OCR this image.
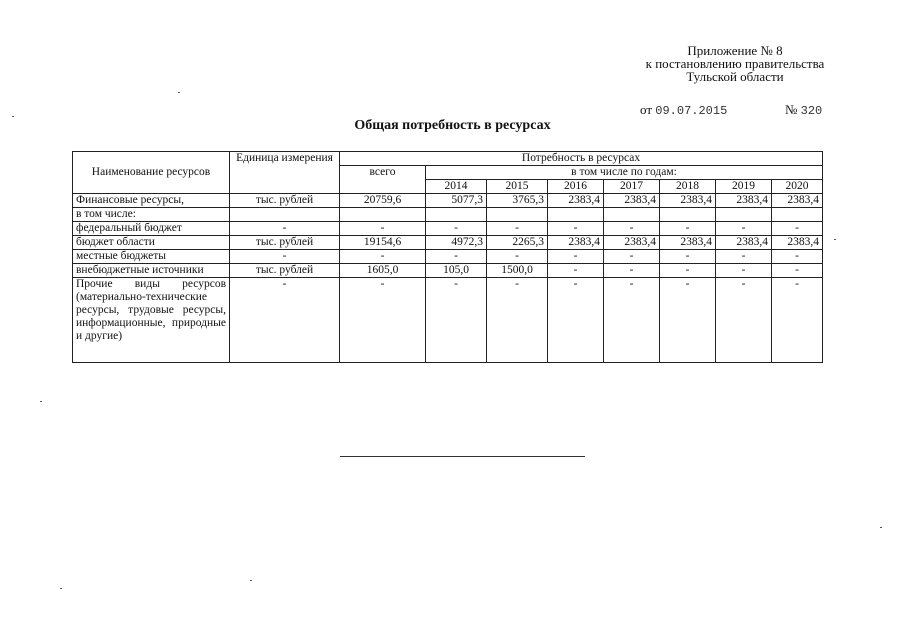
Приложение № 8
к постановлению правительства
Тульской области
от 09.07.2015	№ 320
Общая потребность в ресурсах
Наименование ресурсов	Единица измерения	Потребность в ресурсах							
		всего	в том числе по годам:						
			2014	2015	2016	2017	2018	2019	2020
Финансовые ресурсы,	тыс. рублей	20759,6	5077,3	3765,3	2383,4	2383,4	2383,4	2383,4	2383,4
в том числе:									
федеральный бюджет	-	-	-	-	-	-	-	-	-
бюджет области	тыс. рублей	19154,6	4972,3	2265,3	2383,4	2383,4	2383,4	2383,4	2383,4
местные бюджеты	-	-	-	-	-	-	-	-	-
внебюджетные источники	тыс. рублей	1605,0	105,0	1500,0	-	-	-	-	-
Прочие виды ресурсов (материально-технические ресурсы, трудовые ресурсы, информационные, природные и другие)	-	-	-	-	-	-	-	-	-
